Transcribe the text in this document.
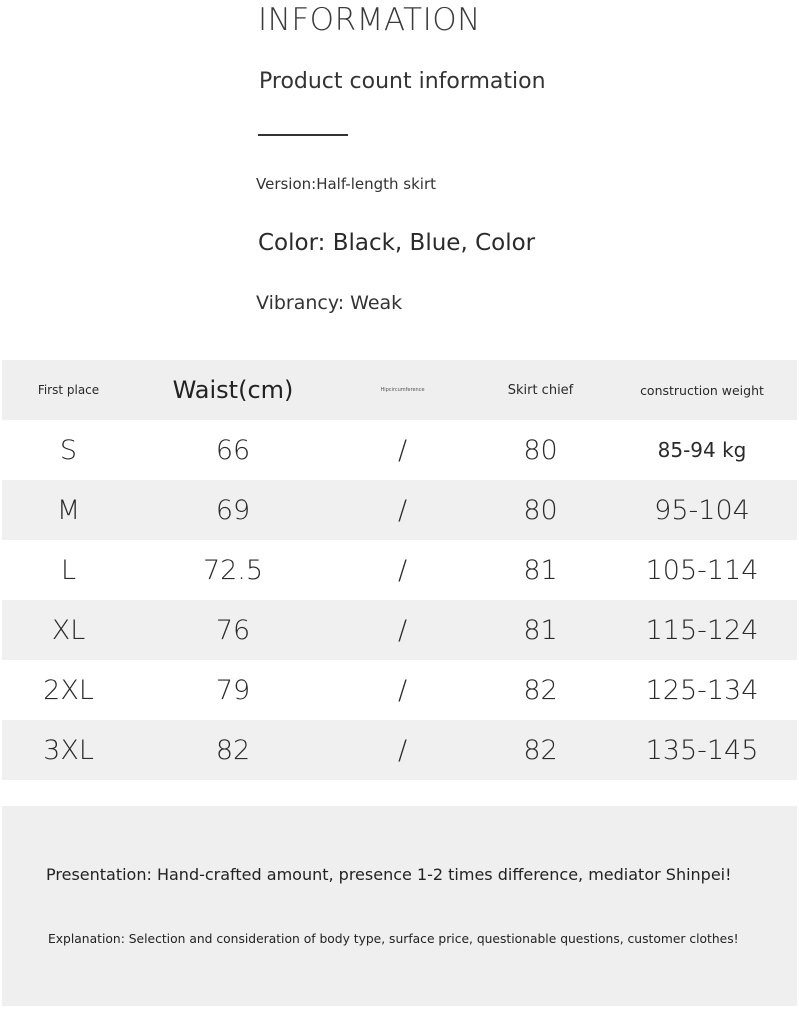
INFORMATION
Product count information
Version:Half-length skirt
Color: Black, Blue, Color
Vibrancy: Weak
First place	Waist(cm)	Hipcircumference	Skirt chief	construction weight
S	66	/	80	85-94 kg
M	69	/	80	95-104
L	72.5	/	81	105-114
XL	76	/	81	115-124
2XL	79	/	82	125-134
3XL	82	/	82	135-145
Presentation: Hand-crafted amount, presence 1-2 times difference, mediator Shinpei!
Explanation: Selection and consideration of body type, surface price, questionable questions, customer clothes!
